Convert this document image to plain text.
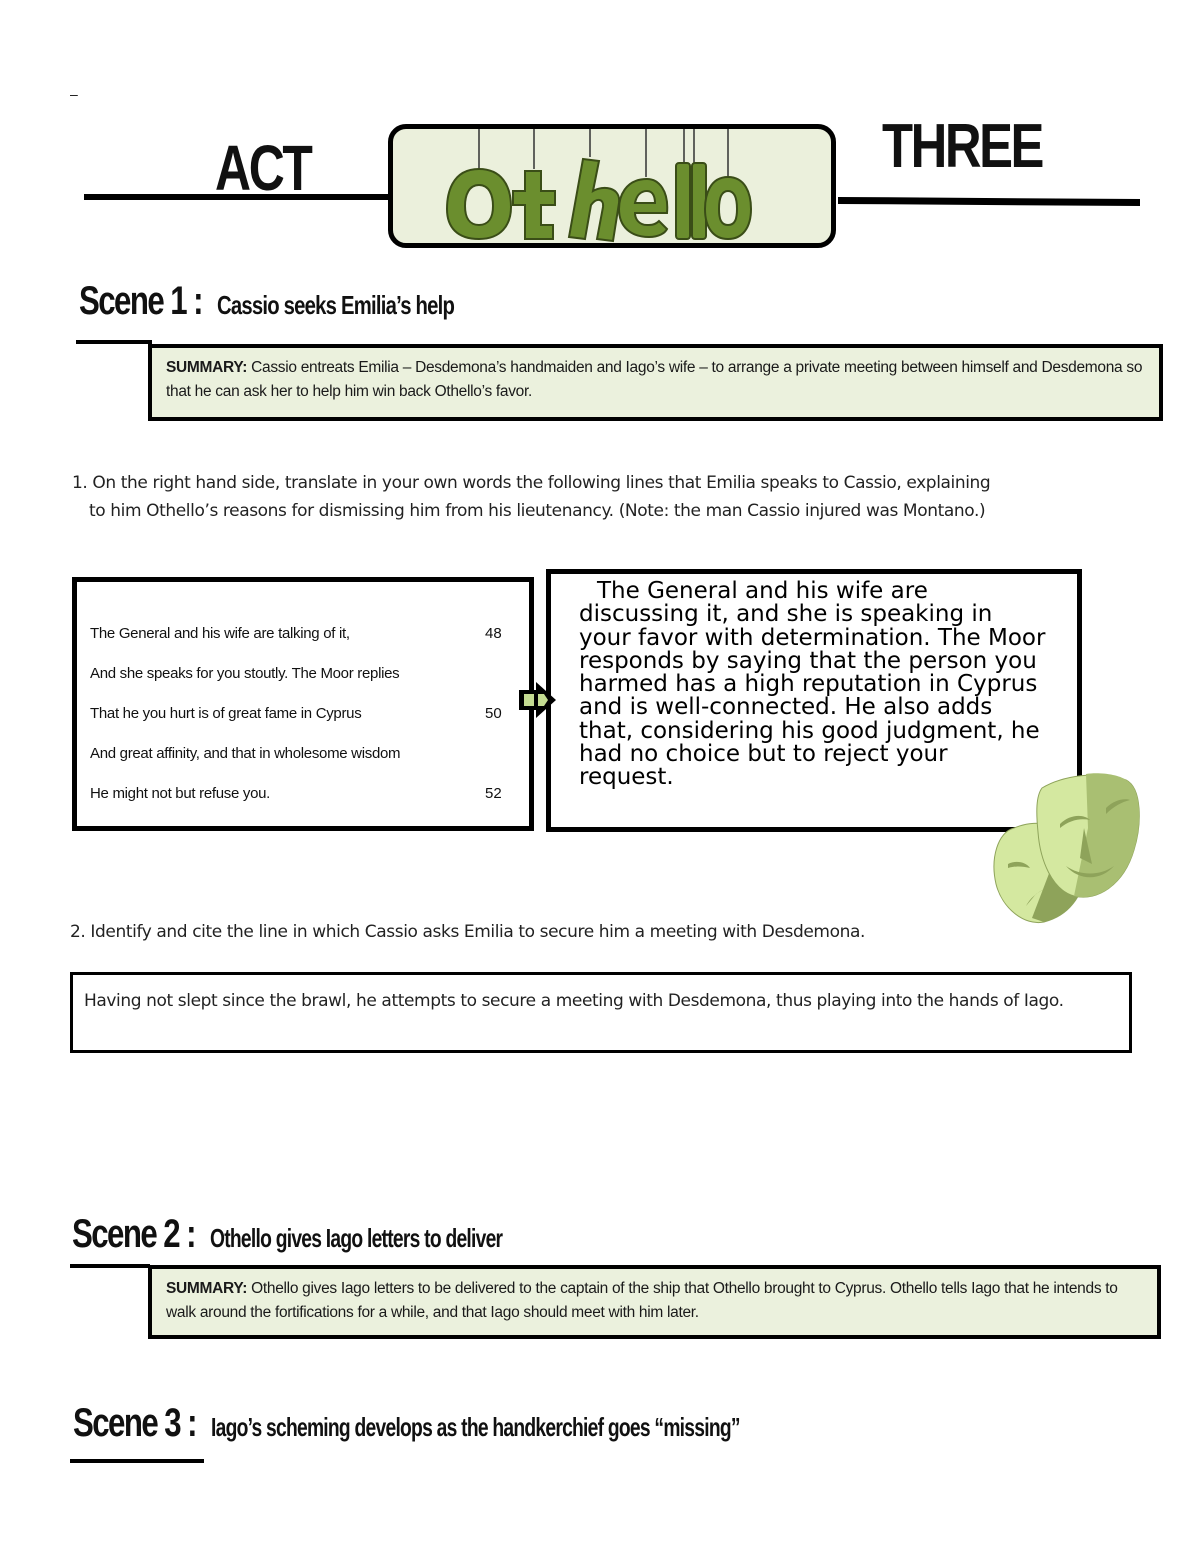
–
ACT	THREE
Scene 1 : Cassio seeks Emilia’s help
SUMMARY: Cassio entreats Emilia – Desdemona’s handmaiden and Iago’s wife – to arrange a private meeting between himself and Desdemona so that he can ask her to help him win back Othello’s favor.
1. On the right hand side, translate in your own words the following lines that Emilia speaks to Cassio, explaining
to him Othello’s reasons for dismissing him from his lieutenancy. (Note: the man Cassio injured was Montano.)
The General and his wife are talking of it,	48
And she speaks for you stoutly. The Moor replies
That he you hurt is of great fame in Cyprus	50
And great affinity, and that in wholesome wisdom
He might not but refuse you.	52
The General and his wife are discussing it, and she is speaking in your favor with determination. The Moor responds by saying that the person you harmed has a high reputation in Cyprus and is well-connected. He also adds that, considering his good judgment, he had no choice but to reject your request.
2. Identify and cite the line in which Cassio asks Emilia to secure him a meeting with Desdemona.
Having not slept since the brawl, he attempts to secure a meeting with Desdemona, thus playing into the hands of Iago.
Scene 2 : Othello gives Iago letters to deliver
SUMMARY: Othello gives Iago letters to be delivered to the captain of the ship that Othello brought to Cyprus. Othello tells Iago that he intends to walk around the fortifications for a while, and that Iago should meet with him later.
Scene 3 : Iago’s scheming develops as the handkerchief goes “missing”
